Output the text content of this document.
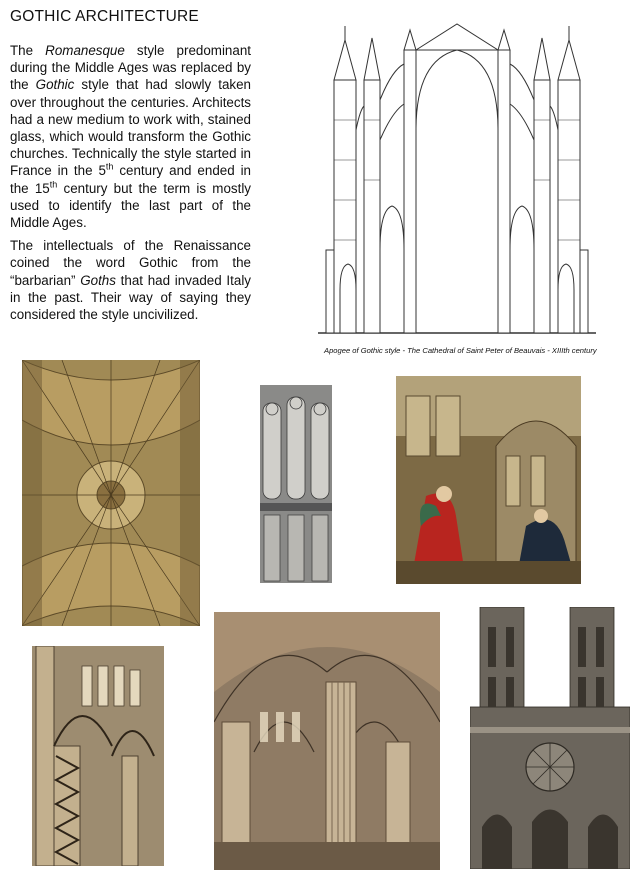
GOTHIC ARCHITECTURE

The Romanesque style predominant during the Middle Ages was replaced by the Gothic style that had slowly taken over throughout the centuries. Architects had a new medium to work with, stained glass, which would transform the Gothic churches. Technically the style started in France in the 5th century and ended in the 15th century but the term is mostly used to identify the last part of the Middle Ages.

The intellectuals of the Renaissance coined the word Gothic from the “barbarian” Goths that had invaded Italy in the past. Their way of saying they considered the style uncivilized.

Apogee of Gothic style - The Cathedral of Saint Peter of Beauvais - XIIIth century
